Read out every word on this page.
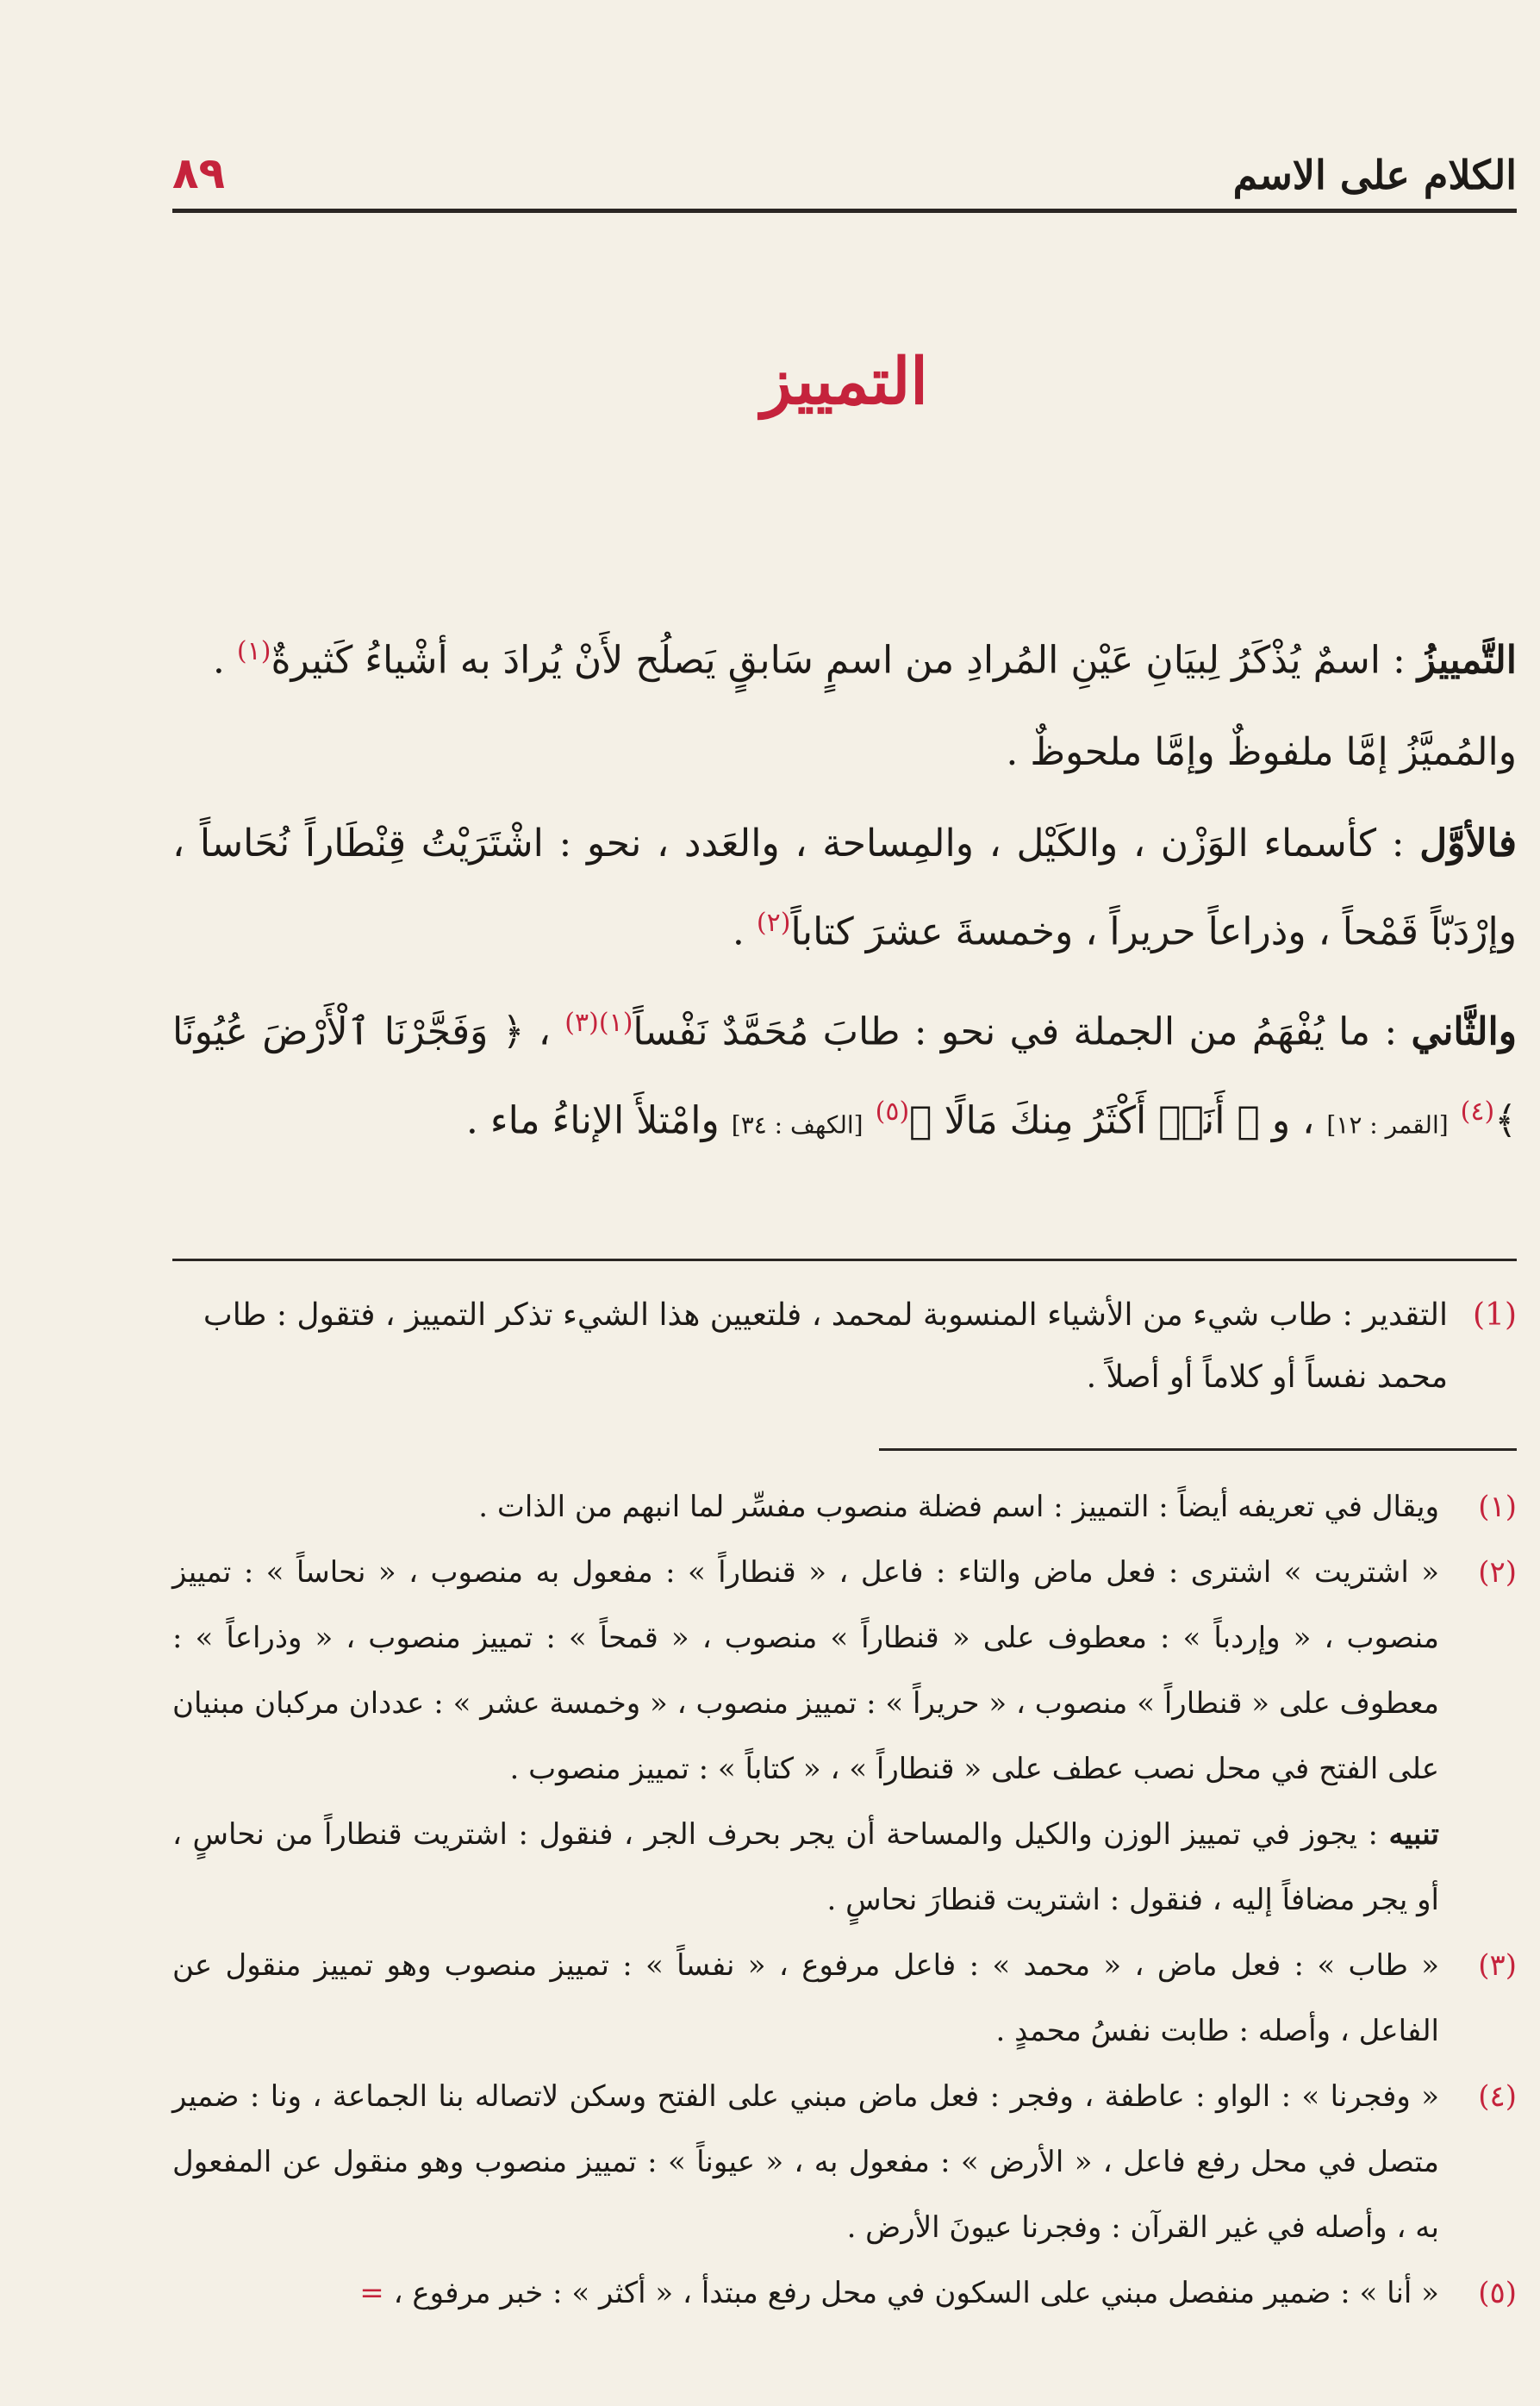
الكلام على الاسم
٨٩
التمييز

التَّمييزُ : اسمٌ يُذْكَرُ لِبيَانِ عَيْنِ المُرادِ من اسمٍ سَابقٍ يَصلُح لأَنْ يُرادَ به أشْياءُ كَثيرةٌ$^{(١)}$ .

والمُميَّزُ إمَّا ملفوظٌ وإمَّا ملحوظٌ .

فالأوَّل : كأسماء الوَزْن ، والكَيْل ، والمِساحة ، والعَدد ، نحو : اشْتَرَيْتُ قِنْطَاراً نُحَاساً ، وإرْدَبّاً قَمْحاً ، وذراعاً حريراً ، وخمسةَ عشرَ كتاباً$^{(٢)}$ .

والثَّاني : ما يُفْهَمُ من الجملة في نحو : طابَ مُحَمَّدٌ نَفْساً$^{(١)(٣)}$ ، ﴿ وَفَجَّرْنَا ٱلْأَرْضَ عُيُونًا ﴾$^{(٤)}$ [القمر : ١٢] ، و ﴿ أَنَا۠ أَكْثَرُ مِنكَ مَالًا ﴾$^{(٥)}$ [الكهف : ٣٤] وامْتلأَ الإناءُ ماء .

(1)
التقدير : طاب شيء من الأشياء المنسوبة لمحمد ، فلتعيين هذا الشيء تذكر التمييز ، فتقول : طاب محمد نفساً أو كلاماً أو أصلاً .
(١)
ويقال في تعريفه أيضاً : التمييز : اسم فضلة منصوب مفسِّر لما انبهم من الذات .
(٢)
« اشتريت » اشترى : فعل ماض والتاء : فاعل ، « قنطاراً » : مفعول به منصوب ، « نحاساً » : تمييز منصوب ، « وإردباً » : معطوف على « قنطاراً » منصوب ، « قمحاً » : تمييز منصوب ، « وذراعاً » : معطوف على « قنطاراً » منصوب ، « حريراً » : تمييز منصوب ، « وخمسة عشر » : عددان مركبان مبنيان على الفتح في محل نصب عطف على « قنطاراً » ، « كتاباً » : تمييز منصوب .

تنبيه : يجوز في تمييز الوزن والكيل والمساحة أن يجر بحرف الجر ، فنقول : اشتريت قنطاراً من نحاسٍ ، أو يجر مضافاً إليه ، فنقول : اشتريت قنطارَ نحاسٍ .

(٣)
« طاب » : فعل ماض ، « محمد » : فاعل مرفوع ، « نفساً » : تمييز منصوب وهو تمييز منقول عن الفاعل ، وأصله : طابت نفسُ محمدٍ .
(٤)
« وفجرنا » : الواو : عاطفة ، وفجر : فعل ماض مبني على الفتح وسكن لاتصاله بنا الجماعة ، ونا : ضمير متصل في محل رفع فاعل ، « الأرض » : مفعول به ، « عيوناً » : تمييز منصوب وهو منقول عن المفعول به ، وأصله في غير القرآن : وفجرنا عيونَ الأرض .
(٥)
« أنا » : ضمير منفصل مبني على السكون في محل رفع مبتدأ ، « أكثر » : خبر مرفوع ، =
